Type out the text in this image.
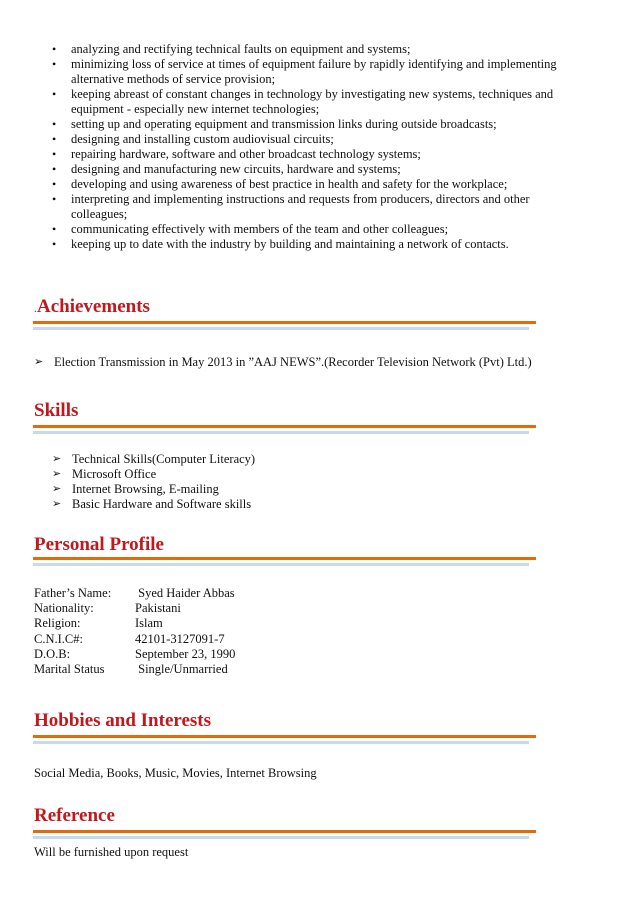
• analyzing and rectifying technical faults on equipment and systems;
• minimizing loss of service at times of equipment failure by rapidly identifying and implementing alternative methods of service provision;
• keeping abreast of constant changes in technology by investigating new systems, techniques and equipment - especially new internet technologies;
• setting up and operating equipment and transmission links during outside broadcasts;
• designing and installing custom audiovisual circuits;
• repairing hardware, software and other broadcast technology systems;
• designing and manufacturing new circuits, hardware and systems;
• developing and using awareness of best practice in health and safety for the workplace;
• interpreting and implementing instructions and requests from producers, directors and other colleagues;
• communicating effectively with members of the team and other colleagues;
• keeping up to date with the industry by building and maintaining a network of contacts.
.Achievements
➢ Election Transmission in May 2013 in ”AAJ NEWS”.(Recorder Television Network (Pvt) Ltd.)
Skills
➢ Technical Skills(Computer Literacy)
➢ Microsoft Office
➢ Internet Browsing, E-mailing
➢ Basic Hardware and Software skills
Personal Profile
Father’s Name:	Syed Haider Abbas
Nationality:	Pakistani
Religion:	Islam
C.N.I.C#:	42101-3127091-7
D.O.B:	September 23, 1990
Marital Status	Single/Unmarried
Hobbies and Interests

Social Media, Books, Music, Movies, Internet Browsing

Reference

Will be furnished upon request
